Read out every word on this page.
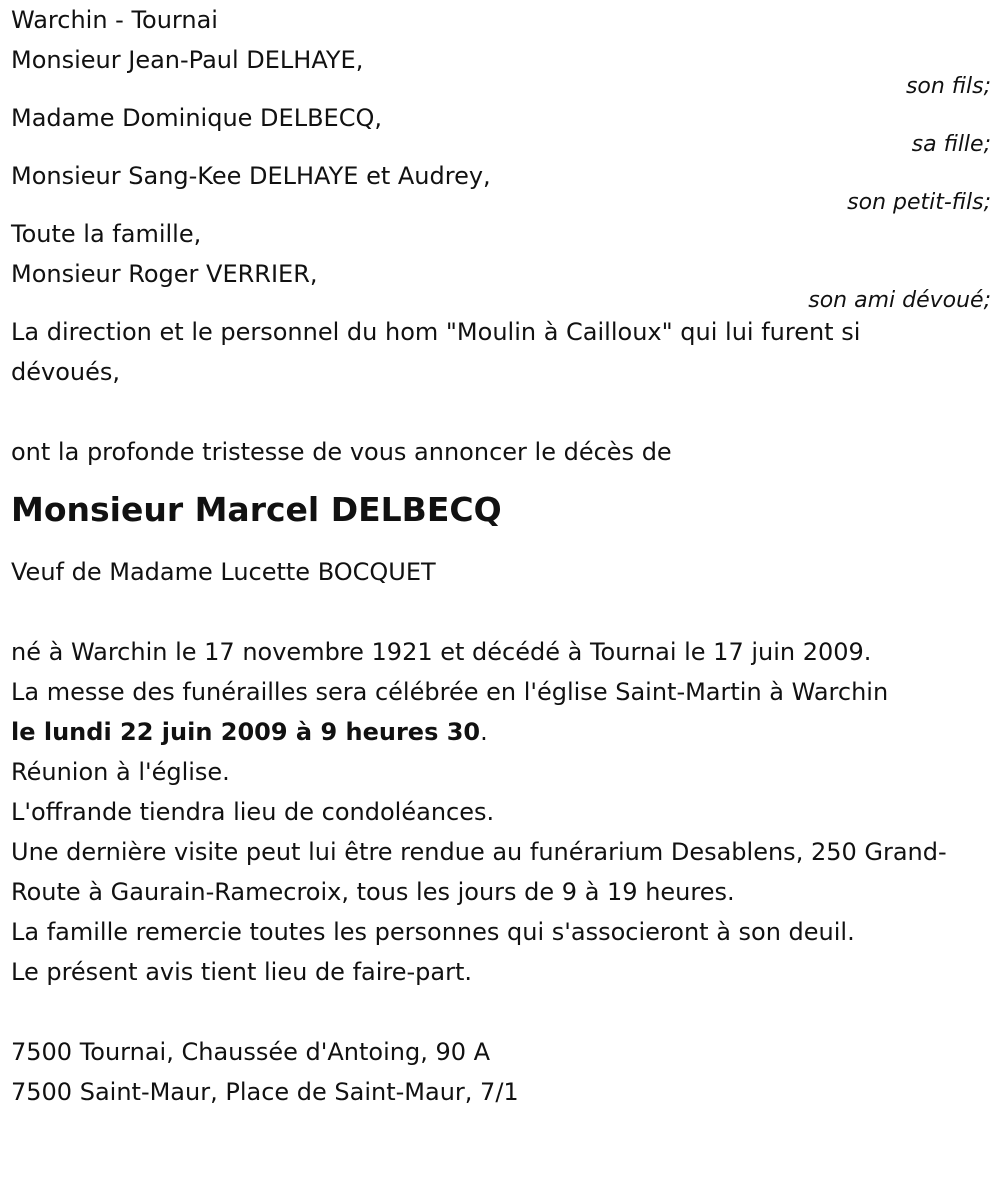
Warchin - Tournai
Monsieur Jean-Paul DELHAYE,
son fils;
Madame Dominique DELBECQ,
sa fille;
Monsieur Sang-Kee DELHAYE et Audrey,
son petit-fils;
Toute la famille,
Monsieur Roger VERRIER,
son ami dévoué;
La direction et le personnel du hom "Moulin à Cailloux" qui lui furent si dévoués,
ont la profonde tristesse de vous annoncer le décès de
Monsieur Marcel DELBECQ
Veuf de Madame Lucette BOCQUET
né à Warchin le 17 novembre 1921 et décédé à Tournai le 17 juin 2009.
La messe des funérailles sera célébrée en l'église Saint-Martin à Warchin
le lundi 22 juin 2009 à 9 heures 30.
Réunion à l'église.
L'offrande tiendra lieu de condoléances.
Une dernière visite peut lui être rendue au funérarium Desablens, 250 Grand-Route à Gaurain-Ramecroix, tous les jours de 9 à 19 heures.
La famille remercie toutes les personnes qui s'associeront à son deuil.
Le présent avis tient lieu de faire-part.
7500 Tournai, Chaussée d'Antoing, 90 A
7500 Saint-Maur, Place de Saint-Maur, 7/1
